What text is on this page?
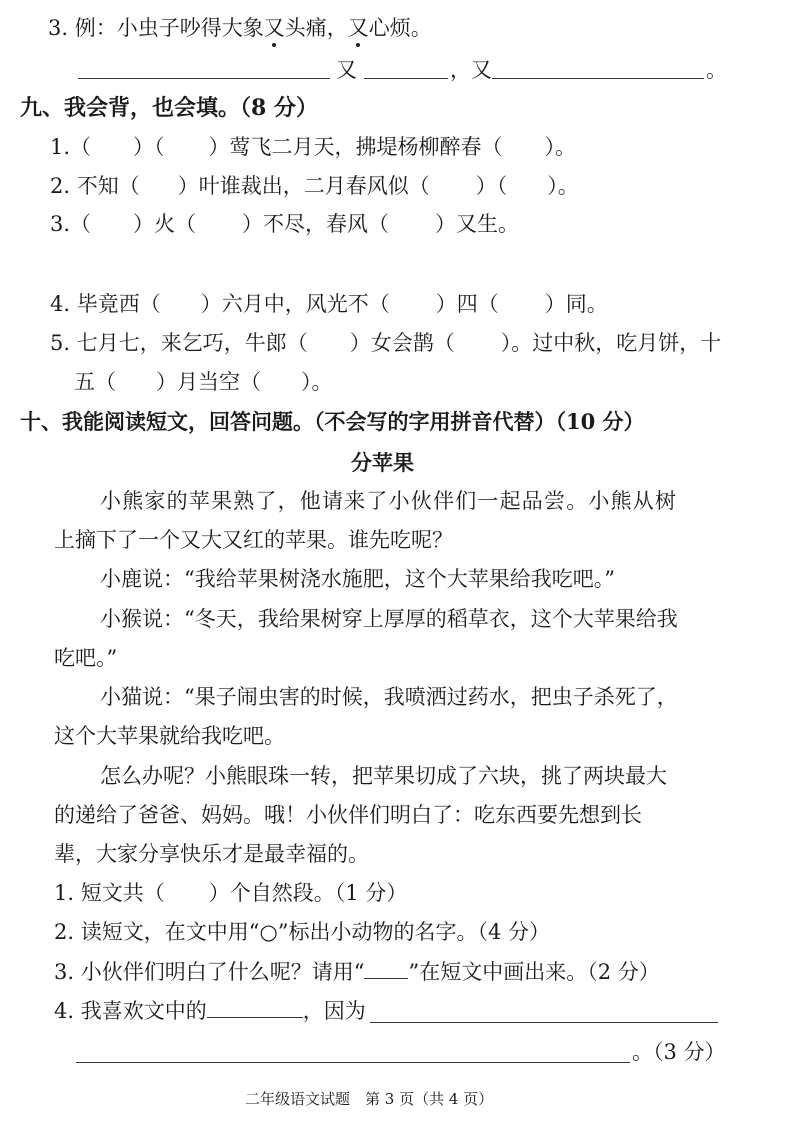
3. 例：小虫子吵得大象又头痛，又心烦。
又	，又	。
九、我会背，也会填。（8 分）
1.（ ）（ ）莺飞二月天，拂堤杨柳醉春（ ）。
2. 不知（ ）叶谁裁出，二月春风似（ ）（ ）。
3.（ ）火（ ）不尽，春风（ ）又生。
4. 毕竟西（ ）六月中，风光不（ ）四（ ）同。
5. 七月七，来乞巧，牛郎（ ）女会鹊（ ）。过中秋，吃月饼，十
五（ ）月当空（ ）。
十、我能阅读短文，回答问题。（不会写的字用拼音代替）（10 分）
分苹果
小熊家的苹果熟了，他请来了小伙伴们一起品尝。小熊从树
上摘下了一个又大又红的苹果。谁先吃呢？
小鹿说：“我给苹果树浇水施肥，这个大苹果给我吃吧。”
小猴说：“冬天，我给果树穿上厚厚的稻草衣，这个大苹果给我
吃吧。”
小猫说：“果子闹虫害的时候，我喷洒过药水，把虫子杀死了，
这个大苹果就给我吃吧。
怎么办呢？小熊眼珠一转，把苹果切成了六块，挑了两块最大
的递给了爸爸、妈妈。哦！小伙伴们明白了：吃东西要先想到长
辈，大家分享快乐才是最幸福的。
1. 短文共（ ）个自然段。（1 分）
2. 读短文，在文中用“○”标出小动物的名字。（4 分）
3. 小伙伴们明白了什么呢？请用“ ”在短文中画出来。（2 分）
4. 我喜欢文中的	，因为
。（3 分）
二年级语文试题　第 3 页（共 4 页）
